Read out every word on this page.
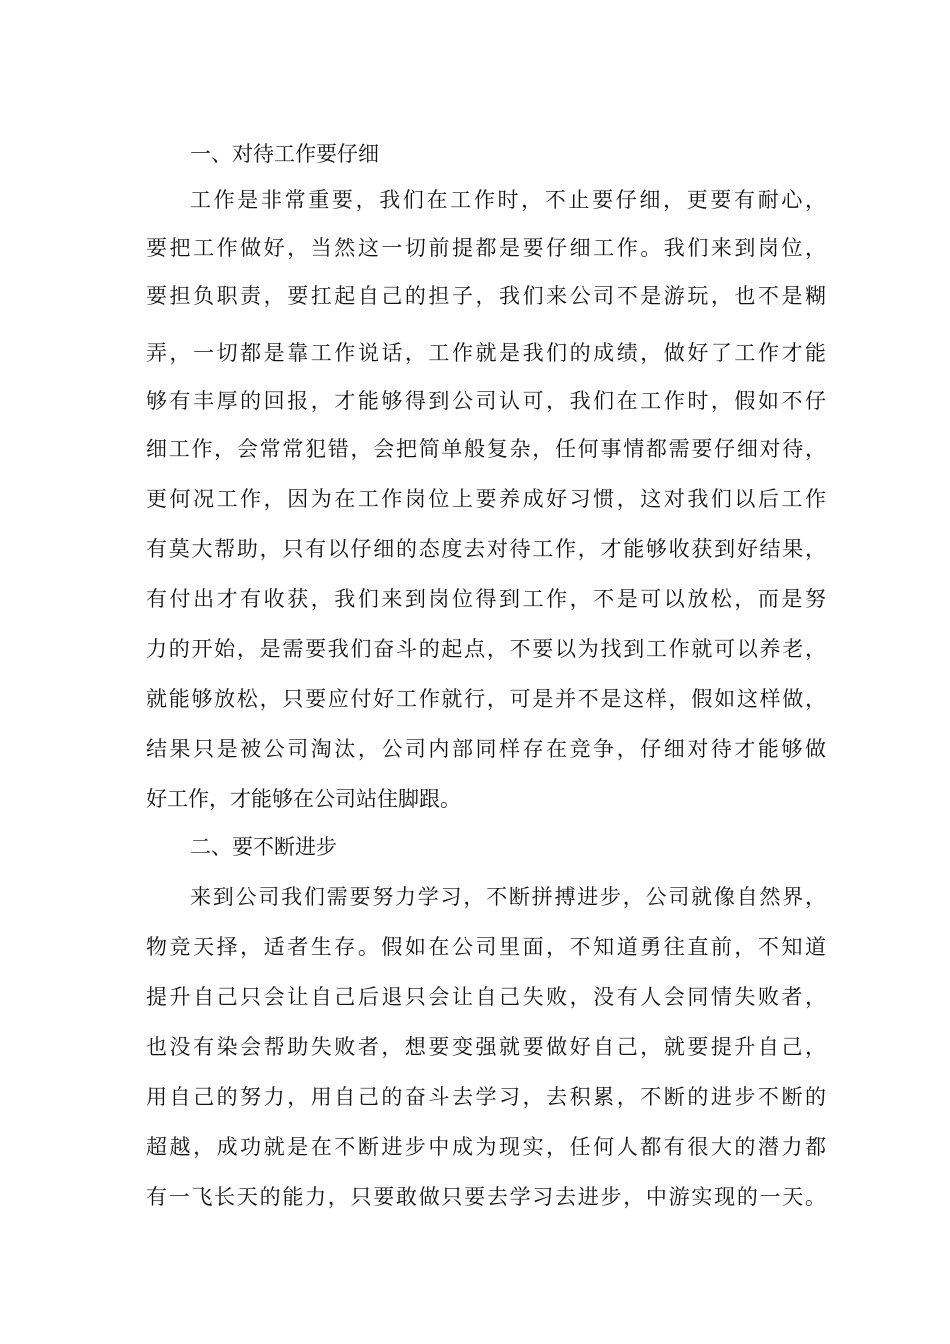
一、对待工作要仔细
工作是非常重要，我们在工作时，不止要仔细，更要有耐心，
要把工作做好，当然这一切前提都是要仔细工作。我们来到岗位，
要担负职责，要扛起自己的担子，我们来公司不是游玩，也不是糊
弄，一切都是靠工作说话，工作就是我们的成绩，做好了工作才能
够有丰厚的回报，才能够得到公司认可，我们在工作时，假如不仔
细工作，会常常犯错，会把简单般复杂，任何事情都需要仔细对待，
更何况工作，因为在工作岗位上要养成好习惯，这对我们以后工作
有莫大帮助，只有以仔细的态度去对待工作，才能够收获到好结果，
有付出才有收获，我们来到岗位得到工作，不是可以放松，而是努
力的开始，是需要我们奋斗的起点，不要以为找到工作就可以养老，
就能够放松，只要应付好工作就行，可是并不是这样，假如这样做，
结果只是被公司淘汰，公司内部同样存在竞争，仔细对待才能够做
好工作，才能够在公司站住脚跟。
二、要不断进步
来到公司我们需要努力学习，不断拼搏进步，公司就像自然界，
物竞天择，适者生存。假如在公司里面，不知道勇往直前，不知道
提升自己只会让自己后退只会让自己失败，没有人会同情失败者，
也没有染会帮助失败者，想要变强就要做好自己，就要提升自己，
用自己的努力，用自己的奋斗去学习，去积累，不断的进步不断的
超越，成功就是在不断进步中成为现实，任何人都有很大的潜力都
有一飞长天的能力，只要敢做只要去学习去进步，中游实现的一天。
